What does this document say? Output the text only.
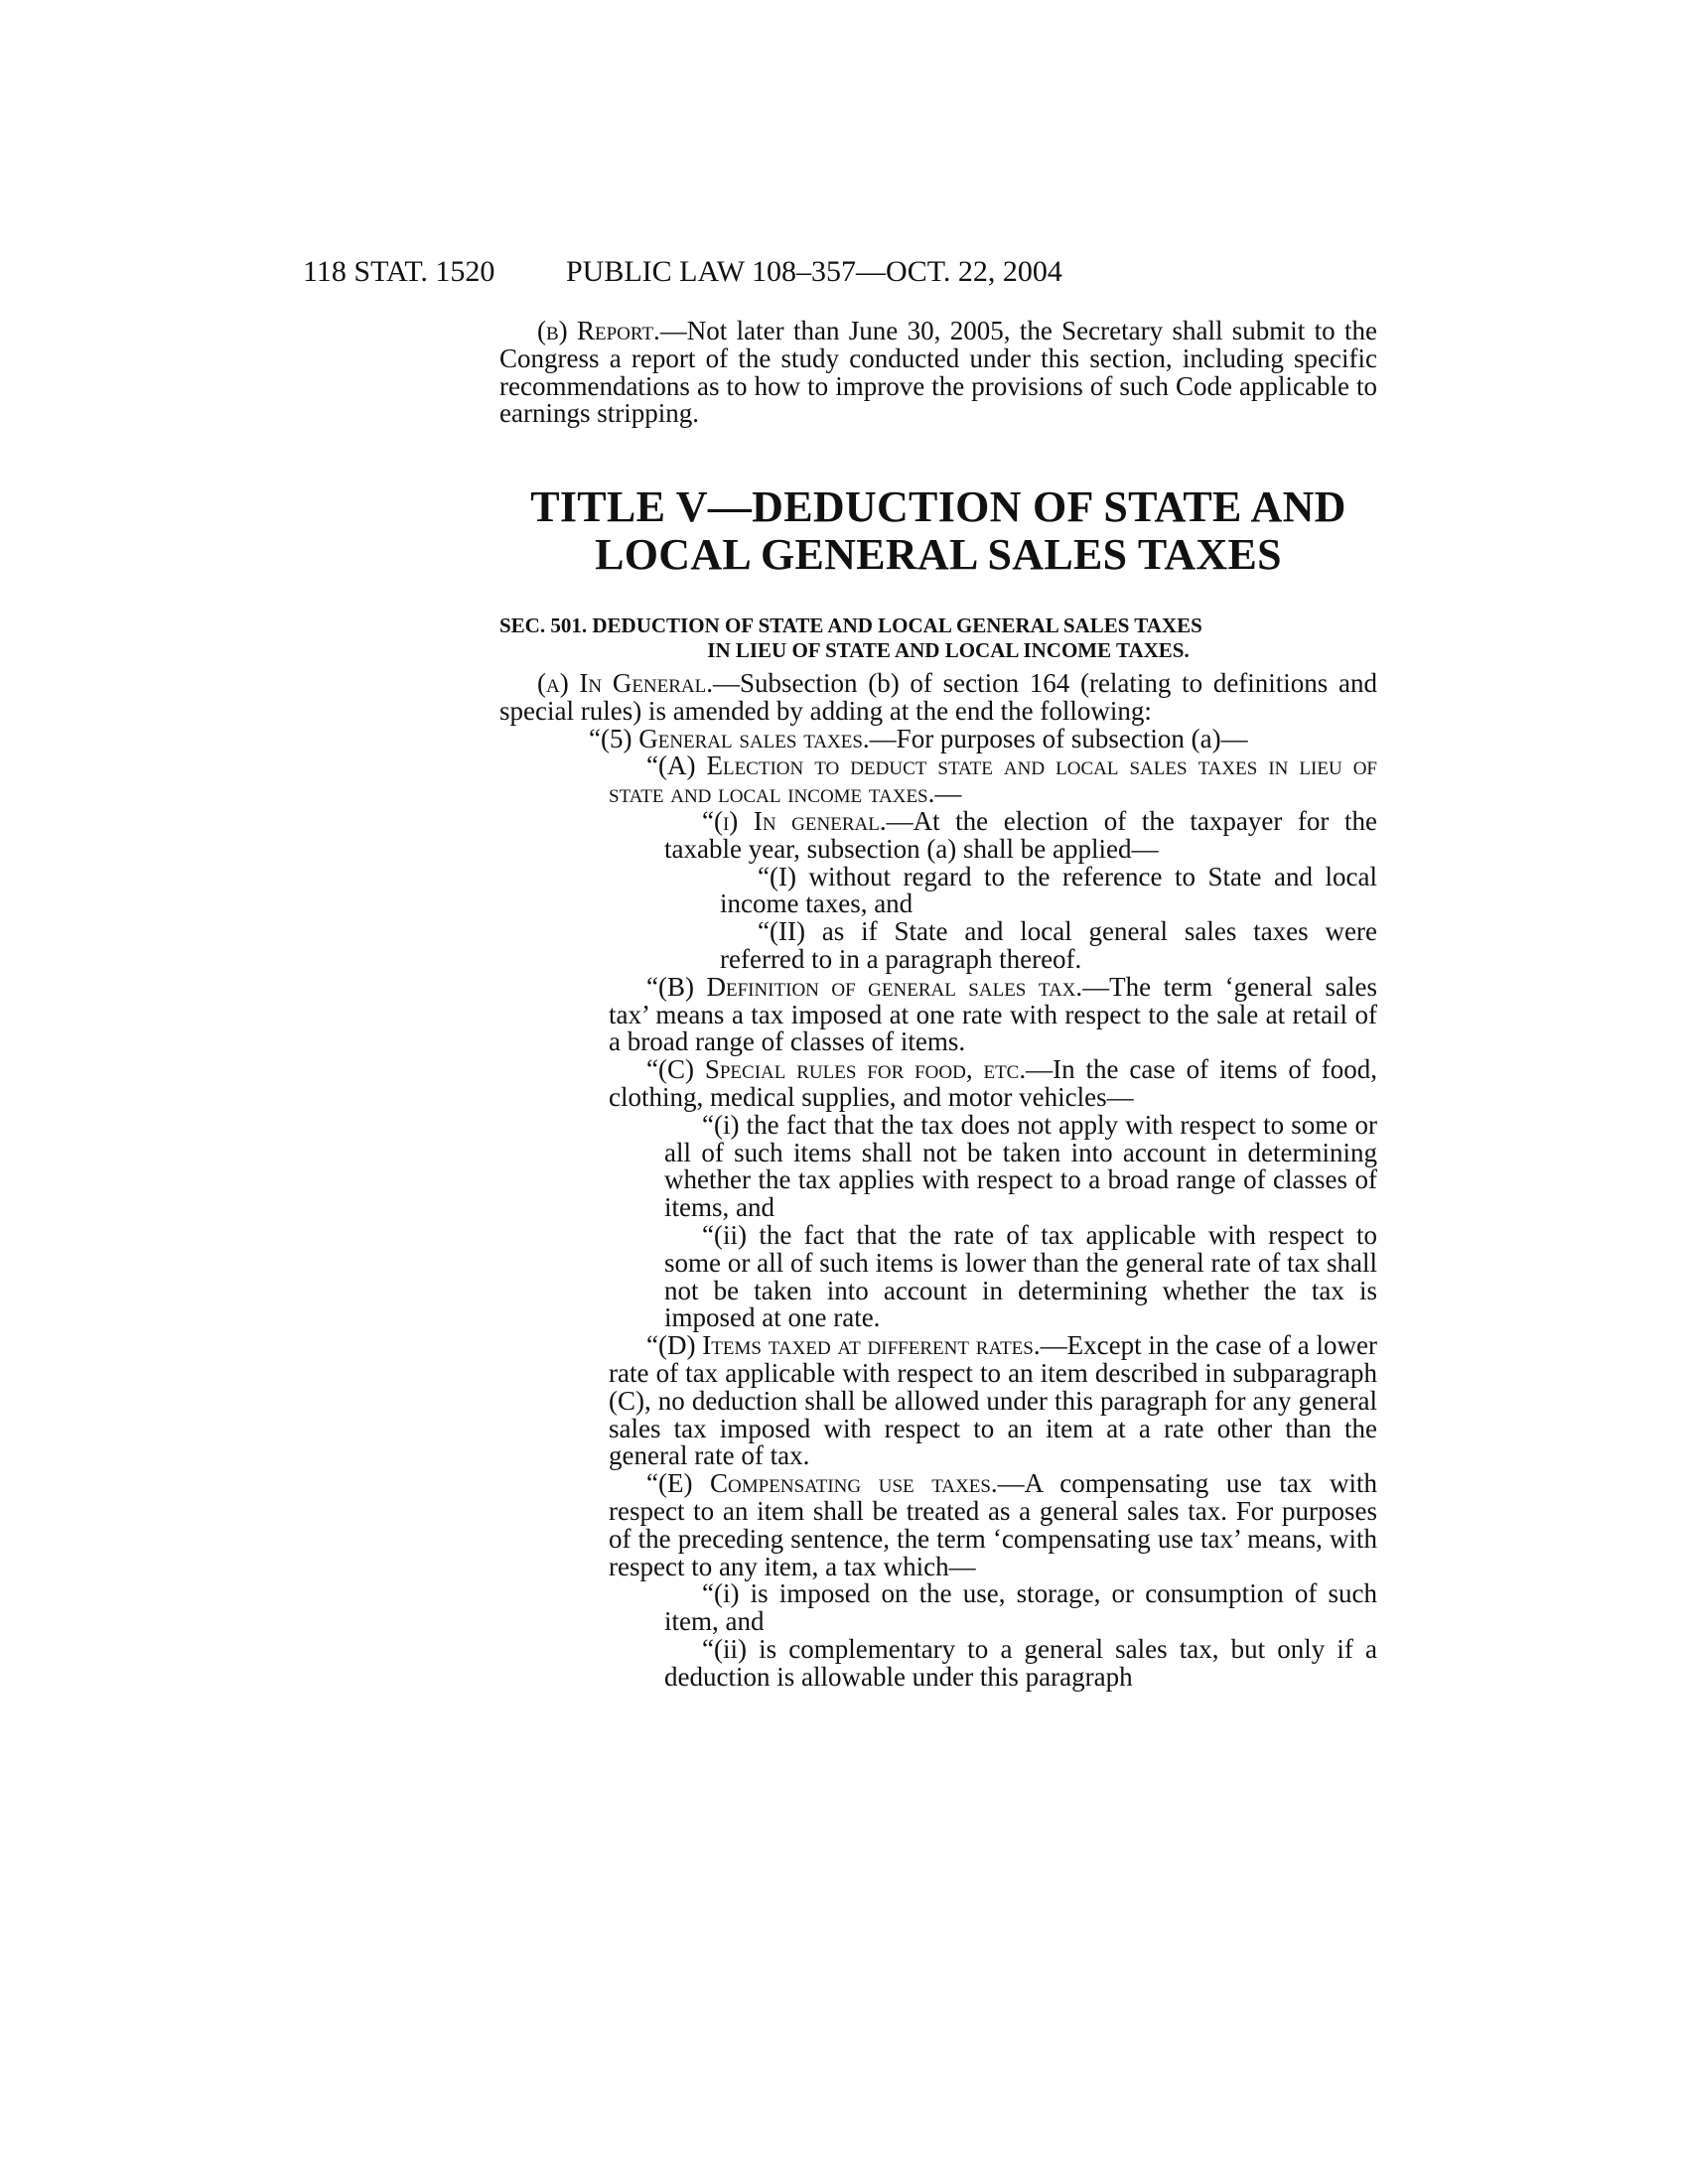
118 STAT. 1520 PUBLIC LAW 108–357—OCT. 22, 2004

(b) Report.—Not later than June 30, 2005, the Secretary shall submit to the Congress a report of the study conducted under this section, including specific recommendations as to how to improve the provisions of such Code applicable to earnings stripping.

TITLE V—DEDUCTION OF STATE AND
LOCAL GENERAL SALES TAXES
SEC. 501. DEDUCTION OF STATE AND LOCAL GENERAL SALES TAXES
IN LIEU OF STATE AND LOCAL INCOME TAXES.

(a) In General.—Subsection (b) of section 164 (relating to definitions and special rules) is amended by adding at the end the following:

“(5) General sales taxes.—For purposes of subsection (a)—

“(A) Election to deduct state and local sales taxes in lieu of state and local income taxes.—

“(i) In general.—At the election of the taxpayer for the taxable year, subsection (a) shall be applied—

“(I) without regard to the reference to State and local income taxes, and

“(II) as if State and local general sales taxes were referred to in a paragraph thereof.

“(B) Definition of general sales tax.—The term ‘general sales tax’ means a tax imposed at one rate with respect to the sale at retail of a broad range of classes of items.

“(C) Special rules for food, etc.—In the case of items of food, clothing, medical supplies, and motor vehicles—

“(i) the fact that the tax does not apply with respect to some or all of such items shall not be taken into account in determining whether the tax applies with respect to a broad range of classes of items, and

“(ii) the fact that the rate of tax applicable with respect to some or all of such items is lower than the general rate of tax shall not be taken into account in determining whether the tax is imposed at one rate.

“(D) Items taxed at different rates.—Except in the case of a lower rate of tax applicable with respect to an item described in subparagraph (C), no deduction shall be allowed under this paragraph for any general sales tax imposed with respect to an item at a rate other than the general rate of tax.

“(E) Compensating use taxes.—A compensating use tax with respect to an item shall be treated as a general sales tax. For purposes of the preceding sentence, the term ‘compensating use tax’ means, with respect to any item, a tax which—

“(i) is imposed on the use, storage, or consumption of such item, and

“(ii) is complementary to a general sales tax, but only if a deduction is allowable under this paragraph
